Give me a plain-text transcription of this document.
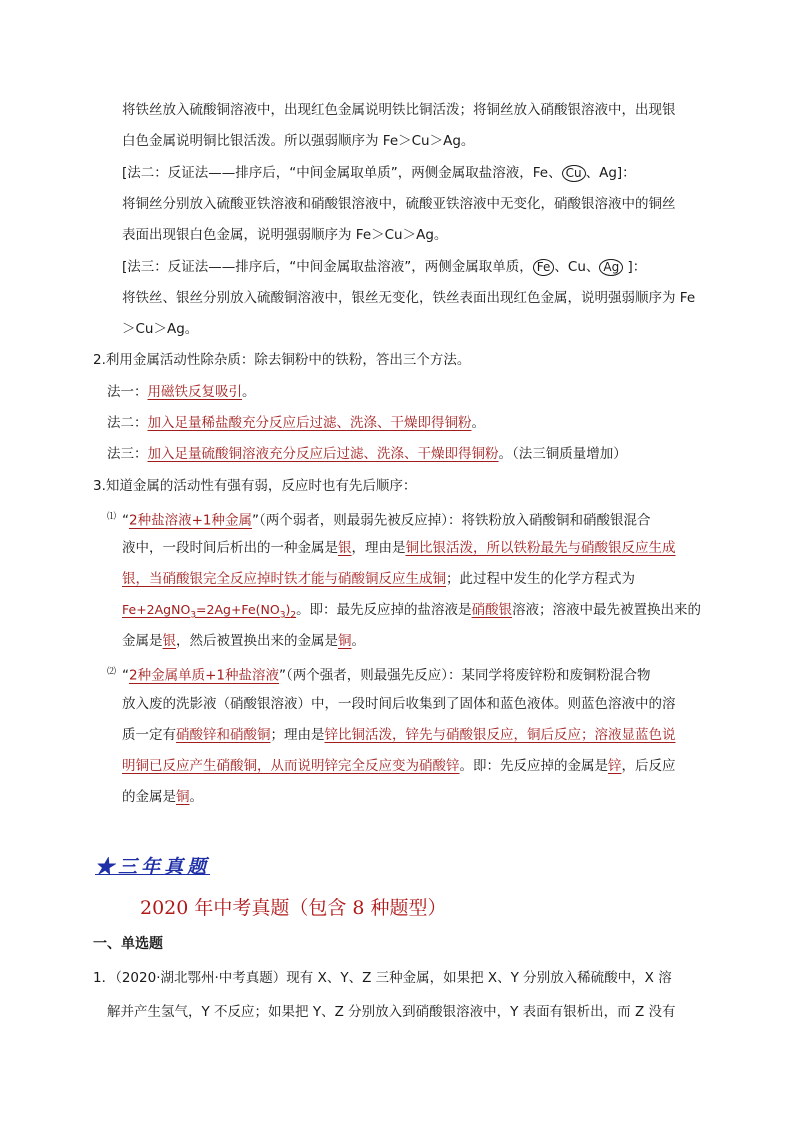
将铁丝放入硫酸铜溶液中，出现红色金属说明铁比铜活泼；将铜丝放入硝酸银溶液中，出现银
白色金属说明铜比银活泼。所以强弱顺序为 Fe＞Cu＞Ag。
[法二：反证法——排序后，“中间金属取单质”，两侧金属取盐溶液，Fe、 Cu 、Ag]：
将铜丝分别放入硫酸亚铁溶液和硝酸银溶液中，硫酸亚铁溶液中无变化，硝酸银溶液中的铜丝
表面出现银白色金属，说明强弱顺序为 Fe＞Cu＞Ag。
[法三：反证法——排序后，“中间金属取盐溶液”，两侧金属取单质， Fe 、Cu、 Ag ]：
将铁丝、银丝分别放入硫酸铜溶液中，银丝无变化，铁丝表面出现红色金属，说明强弱顺序为 Fe
＞Cu＞Ag。
2.利用金属活动性除杂质：除去铜粉中的铁粉，答出三个方法。
法一：用磁铁反复吸引。
法二：加入足量稀盐酸充分反应后过滤、洗涤、干燥即得铜粉。
法三：加入足量硫酸铜溶液充分反应后过滤、洗涤、干燥即得铜粉。（法三铜质量增加）
3.知道金属的活动性有强有弱，反应时也有先后顺序：
⑴ “2种盐溶液+1种金属”（两个弱者，则最弱先被反应掉）：将铁粉放入硝酸铜和硝酸银混合
液中，一段时间后析出的一种金属是银，理由是铜比银活泼，所以铁粉最先与硝酸银反应生成
银，当硝酸银完全反应掉时铁才能与硝酸铜反应生成铜；此过程中发生的化学方程式为
$Fe+2AgNO_3=2Ag+Fe(NO_3)_2$。即：最先反应掉的盐溶液是硝酸银溶液；溶液中最先被置换出来的
金属是银，然后被置换出来的金属是铜。
⑵ “2种金属单质+1种盐溶液”（两个强者，则最强先反应）：某同学将废锌粉和废铜粉混合物
放入废的洗影液（硝酸银溶液）中，一段时间后收集到了固体和蓝色液体。则蓝色溶液中的溶
质一定有硝酸锌和硝酸铜；理由是锌比铜活泼，锌先与硝酸银反应，铜后反应；溶液显蓝色说
明铜已反应产生硝酸铜，从而说明锌完全反应变为硝酸锌。即：先反应掉的金属是锌，后反应
的金属是铜。
★三年真题
2020 年中考真题（包含 8 种题型）
一、单选题
1．（2020·湖北鄂州·中考真题）现有 X、Y、Z 三种金属，如果把 X、Y 分别放入稀硫酸中，X 溶
解并产生氢气，Y 不反应；如果把 Y、Z 分别放入到硝酸银溶液中，Y 表面有银析出，而 Z 没有
